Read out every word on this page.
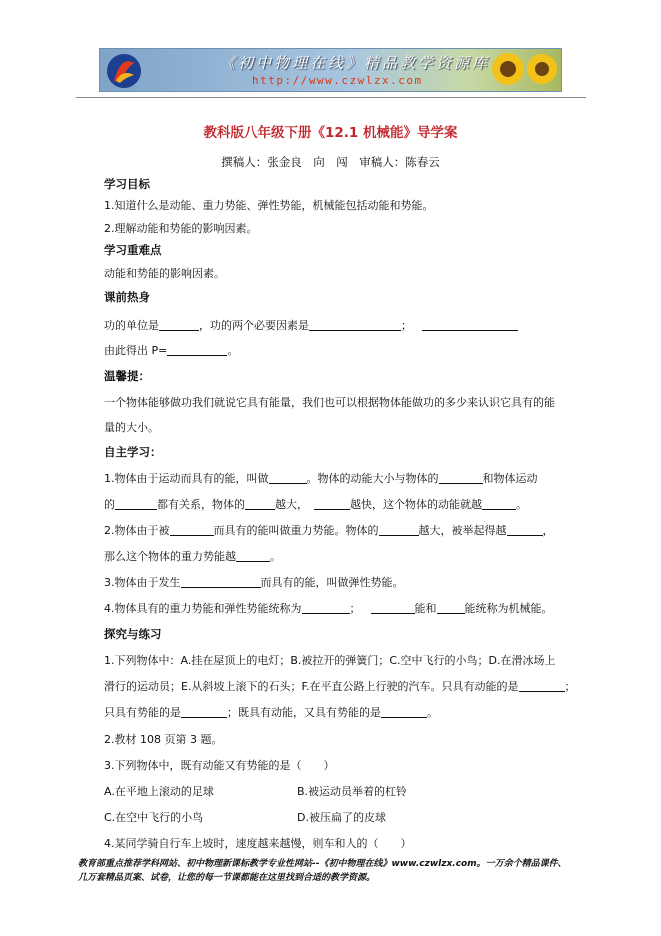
《初中物理在线》精品教学资源库
http://www.czwlzx.com
教科版八年级下册《12.1 机械能》导学案
撰稿人：张金良　向　闯　审稿人：陈春云
学习目标
1.知道什么是动能、重力势能、弹性势能，机械能包括动能和势能。
2.理解动能和势能的影响因素。
学习重难点
动能和势能的影响因素。
课前热身
功的单位是	，功的两个必要因素是	；
由此得出 P=	。
温馨提：
一个物体能够做功我们就说它具有能量，我们也可以根据物体能做功的多少来认识它具有的能
量的大小。
自主学习：
1.物体由于运动而具有的能，叫做	。物体的动能大小与物体的	和物体运动
的	都有关系，物体的	越大，	越快，这个物体的动能就越	。
2.物体由于被	而具有的能叫做重力势能。物体的	越大，被举起得越	，
那么这个物体的重力势能越	。
3.物体由于发生	而具有的能，叫做弹性势能。
4.物体具有的重力势能和弹性势能统称为	；	能和	能统称为机械能。
探究与练习
1.下列物体中：A.挂在屋顶上的电灯；B.被拉开的弹簧门；C.空中飞行的小鸟；D.在滑冰场上
滑行的运动员；E.从斜坡上滚下的石头；F.在平直公路上行驶的汽车。只具有动能的是	；
只具有势能的是	；既具有动能，又具有势能的是	。
2.教材 108 页第 3 题。
3.下列物体中，既有动能又有势能的是（　　）
A.在平地上滚动的足球	B.被运动员举着的杠铃
C.在空中飞行的小鸟	D.被压扁了的皮球
4.某同学骑自行车上坡时，速度越来越慢，则车和人的（　　）
教育部重点推荐学科网站、初中物理新课标教学专业性网站--《初中物理在线》www.czwlzx.com。一万余个精品课件、
几万套精品页案、试卷，让您的每一节课都能在这里找到合适的教学资源。
